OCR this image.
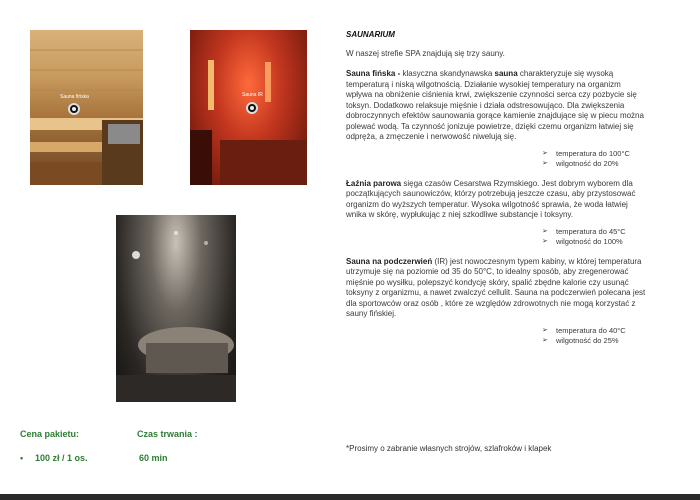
Sauna fińska	Sauna IR

SAUNARIUM

W naszej strefie SPA znajdują się trzy sauny.

Sauna fińska - klasyczna skandynawska sauna charakteryzuje się wysoką temperaturą i niską wilgotnością. Działanie wysokiej temperatury na organizm wpływa na obniżenie ciśnienia krwi, zwiększenie czynności serca czy pozbycie się toksyn. Dodatkowo relaksuje mięśnie i działa odstresowująco. Dla zwiększenia dobroczynnych efektów saunowania gorące kamienie znajdujące się w piecu można polewać wodą. Ta czynność jonizuje powietrze, dzięki czemu organizm łatwiej się odpręża, a zmęczenie i nerwowość niwelują się.

➢ temperatura do 100°C
➢ wilgotność do 20%

Łaźnia parowa sięga czasów Cesarstwa Rzymskiego. Jest dobrym wyborem dla początkujących saunowiczów, którzy potrzebują jeszcze czasu, aby przystosować organizm do wyższych temperatur. Wysoka wilgotność sprawia, że woda łatwiej wnika w skórę, wypłukując z niej szkodliwe substancje i toksyny.

➢ temperatura do 45°C
➢ wilgotność do 100%

Sauna na podczerwień (IR) jest nowoczesnym typem kabiny, w której temperatura utrzymuje się na poziomie od 35 do 50°C, to idealny sposób, aby zregenerować mięśnie po wysiłku, polepszyć kondycję skóry, spalić zbędne kalorie czy usunąć toksyny z organizmu, a nawet zwalczyć cellulit. Sauna na podczerwień polecana jest dla sportowców oraz osób , które ze względów zdrowotnych nie mogą korzystać z sauny fińskiej.

➢ temperatura do 40°C
➢ wilgotność do 25%
*Prosimy o zabranie własnych strojów, szlafroków i klapek
Cena pakietu:	Czas trwania :
• 100 zł / 1 os.	60 min
